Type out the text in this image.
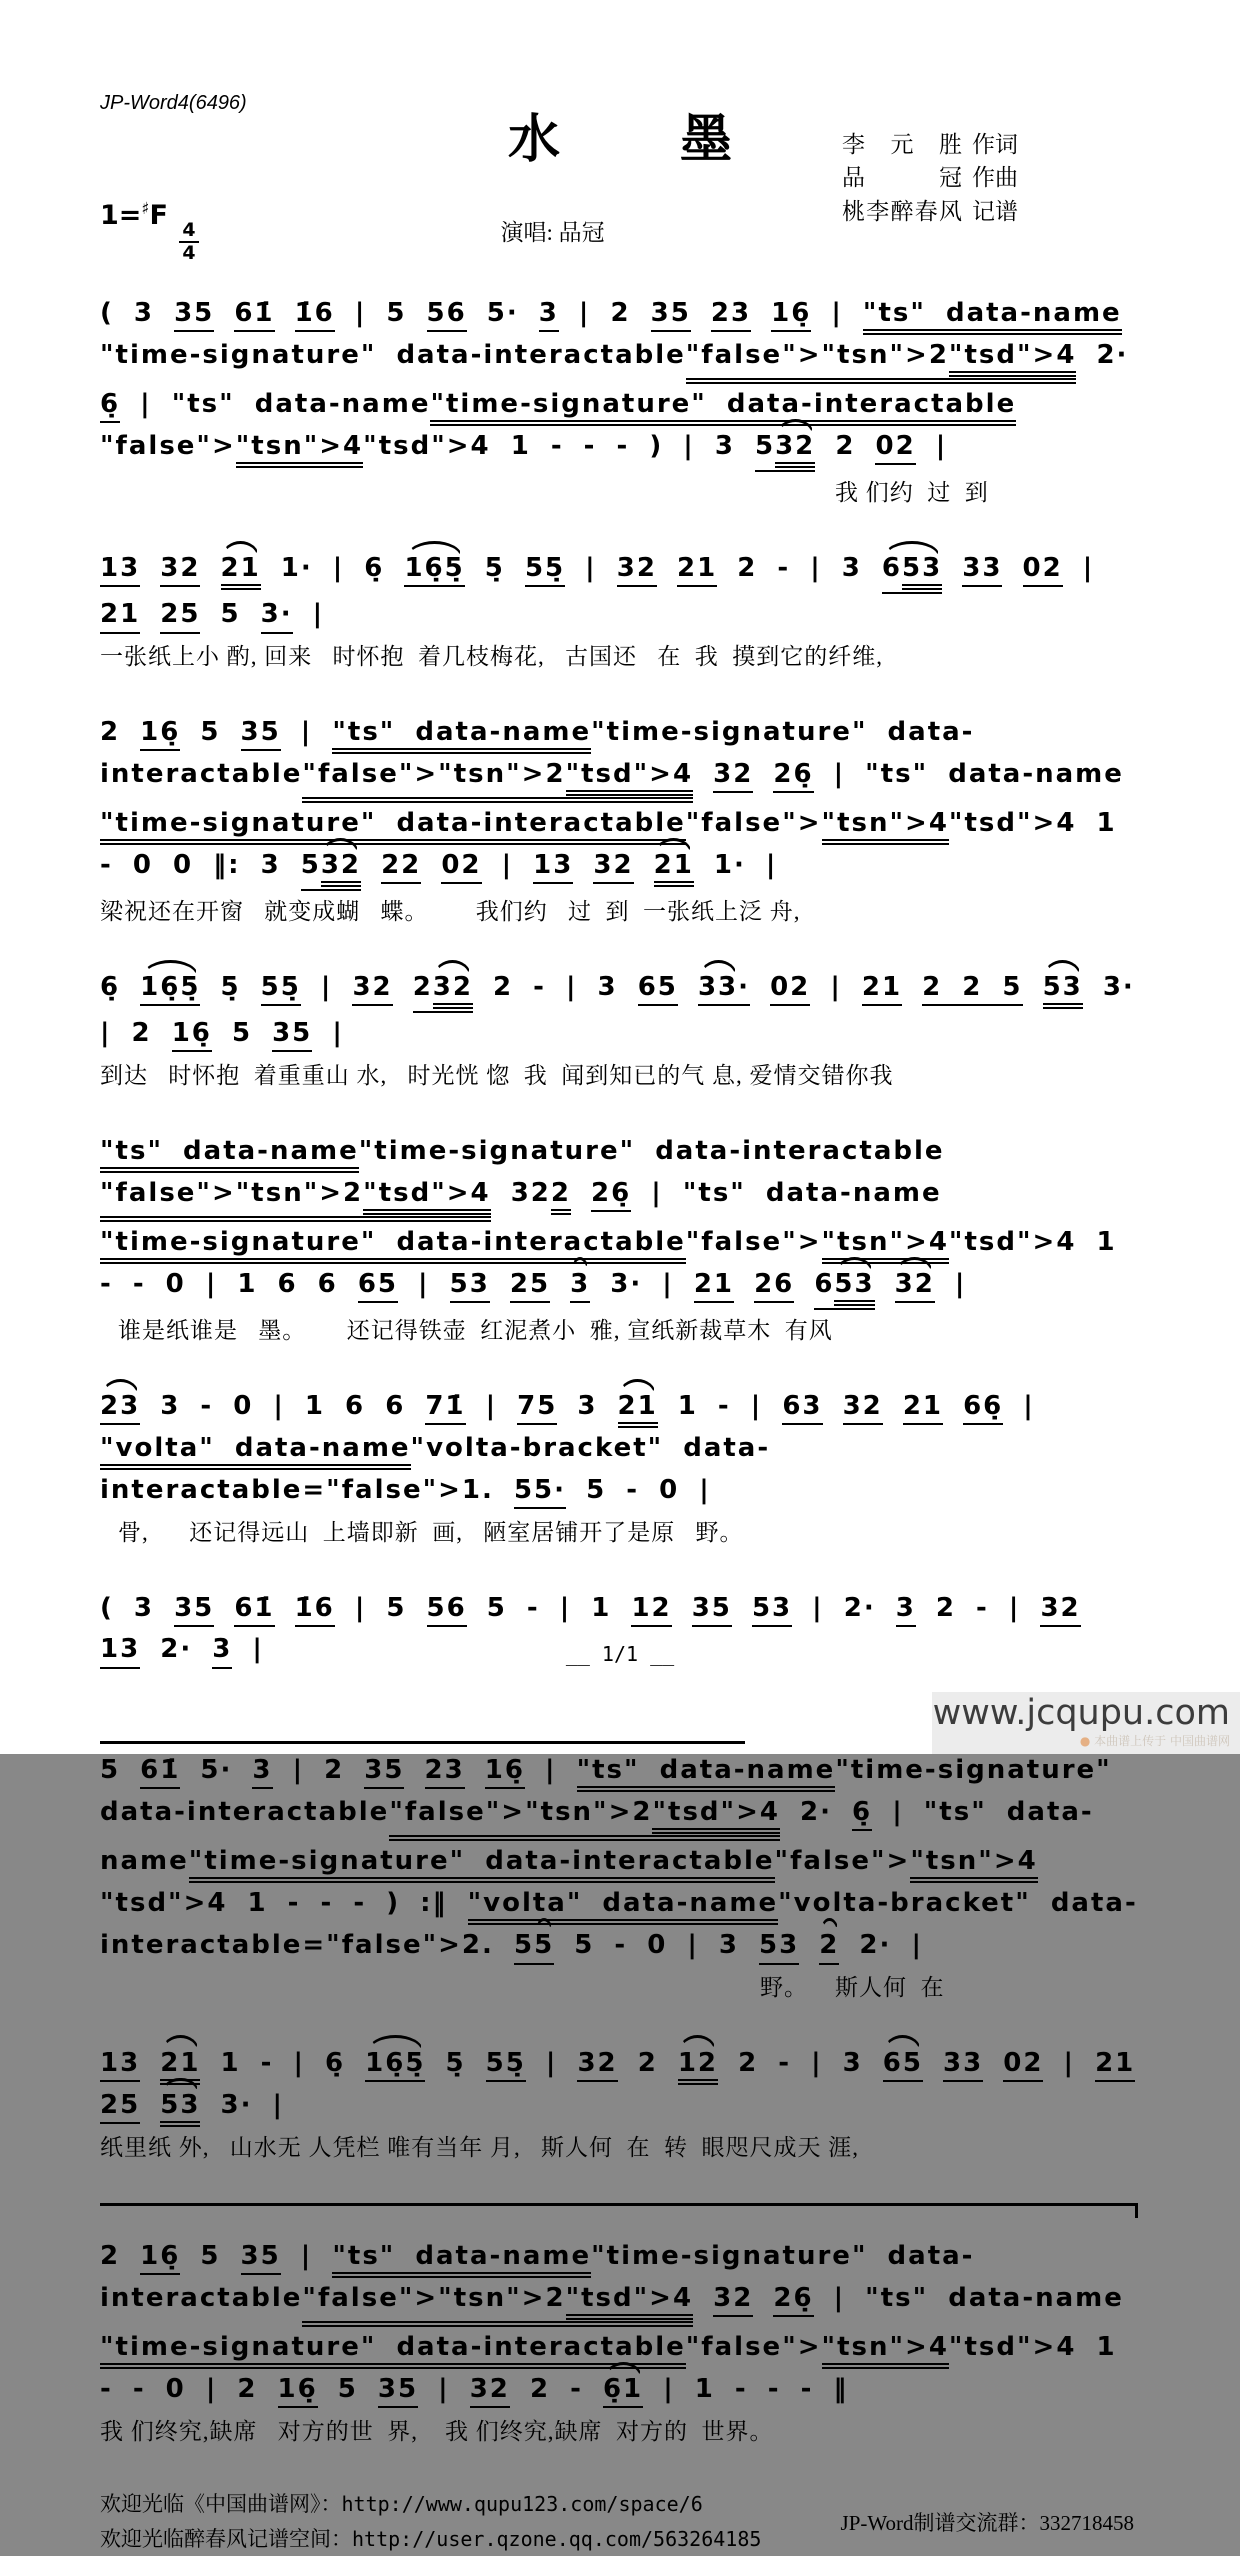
JP-Word4(6496)
水墨
李元胜 作词
品冠 作曲
桃李醉春风 记谱
1=♯F
$\frac{4}{4}$	演唱: 品冠
( 3 35 61̇ 1̇6 | 5 56 5· 3 | 2 35 23 16̣ | "ts" data-name"time-signature" data-interactable"false">"tsn">2"tsd">4 2· 6̣ | "ts" data-name"time-signature" data-interactable"false">"tsn">4"tsd">4 1 - - - ) | 3 532 2 02 |
我 们约  过  到
13 32 21 1· | 6̣ 16̣5̣ 5̣ 55̣ | 32 21 2 - | 3 653 33 02 | 21 25 5 3· |
一张纸上小 酌, 回来   时怀抱  着几枝梅花,   古国还   在  我  摸到它的纤维,
2 16̣ 5 35 | "ts" data-name"time-signature" data-interactable"false">"tsn">2"tsd">4 32 26̣ | "ts" data-name"time-signature" data-interactable"false">"tsn">4"tsd">4 1 - 0 0 ‖: 3 532 22 02 | 13 32 21 1· |
梁祝还在开窗   就变成蝴   蝶。       我们约   过  到  一张纸上泛 舟,
6̣ 16̣5̣ 5̣ 55̣ | 32 232 2 - | 3 65 33· 02 | 21 2 2 5 53 3· | 2 16̣ 5 35 |
到达   时怀抱  着重重山 水,   时光恍 惚  我  闻到知已的气 息, 爱情交错你我
"ts" data-name"time-signature" data-interactable"false">"tsn">2"tsd">4 322 26̣ | "ts" data-name"time-signature" data-interactable"false">"tsn">4"tsd">4 1 - - 0 | 1 6 6 65 | 53 25 3 3· | 21 26 653 32 |
谁是纸谁是   墨。      还记得铁壶  红泥煮小  雅, 宣纸新裁草木  有风
23 3 - 0 | 1 6 6 71̇ | 75 3 21 1 - | 63 32 21 66̣ | "volta" data-name"volta-bracket" data-interactable="false">1. 55· 5 - 0 |
骨,      还记得远山  上墙即新  画,   陋室居铺开了是原   野。
( 3 35 61̇ 1̇6 | 5 56 5 - | 1 12 35 53 | 2· 3 2 - | 32 13 2· 3 |
5 61̇ 5· 3 | 2 35 23 16̣ | "ts" data-name"time-signature" data-interactable"false">"tsn">2"tsd">4 2· 6̣ | "ts" data-name"time-signature" data-interactable"false">"tsn">4"tsd">4 1 - - - ) :‖ "volta" data-name"volta-bracket" data-interactable="false">2. 55 5 - 0 | 3 53 2 2· |
野。    斯人何  在
13 21 1 - | 6̣ 16̣5̣ 5̣ 55̣ | 32 2 12 2 - | 3 65 33 02 | 21 25 53 3· |
纸里纸 外,   山水无 人凭栏 唯有当年 月,   斯人何  在  转  眼咫尺成天 涯,
2 16̣ 5 35 | "ts" data-name"time-signature" data-interactable"false">"tsn">2"tsd">4 32 26̣ | "ts" data-name"time-signature" data-interactable"false">"tsn">4"tsd">4 1 - - 0 | 2 16̣ 5 35 | 32 2 - 6̣1 | 1 - - - ‖
我 们终究,缺席   对方的世  界,    我 们终究,缺席  对方的  世界。
欢迎光临《中国曲谱网》：http://www.qupu123.com/space/6
欢迎光临醉春风记谱空间：http://user.qzone.qq.com/563264185
JP-Word制谱交流群：332718458
__ 1/1 __
www.jcqupu.com
● 本曲谱上传于 中国曲谱网
